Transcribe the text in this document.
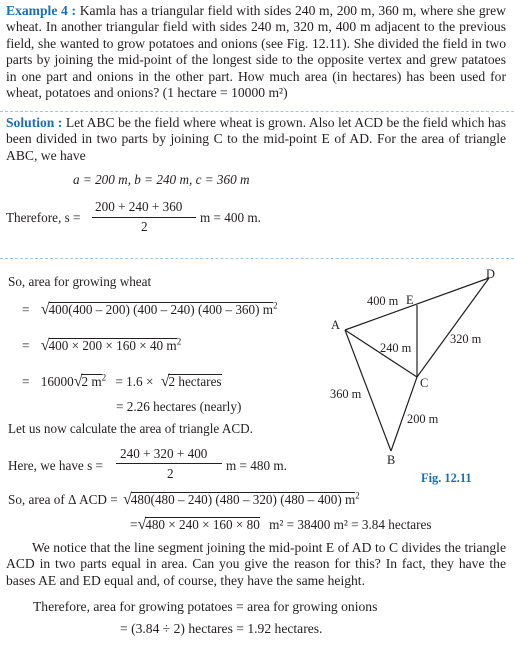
Example 4 : Kamla has a triangular field with sides 240 m, 200 m, 360 m, where she grew wheat. In another triangular field with sides 240 m, 320 m, 400 m adjacent to the previous field, she wanted to grow potatoes and onions (see Fig. 12.11). She divided the field in two parts by joining the mid-point of the longest side to the opposite vertex and grew patatoes in one part and onions in the other part. How much area (in hectares) has been used for wheat, potatoes and onions? (1 hectare = 10000 m²)
Solution : Let ABC be the field where wheat is grown. Also let ACD be the field which has been divided in two parts by joining C to the mid-point E of AD. For the area of triangle ABC, we have
a = 200 m, b = 240 m, c = 360 m
Therefore, s =
200 + 240 + 360
2
m = 400 m.
So, area for growing wheat
= √400(400 – 200) (400 – 240) (400 – 360) $m^2$
= √400 × 200 × 160 × 40 $m^2$
= 16000√2 $m^2 = 1.6 \times √2$ hectares
= 2.26 hectares (nearly)
Let us now calculate the area of triangle ACD.
Here, we have s =
240 + 320 + 400
2
m = 480 m.
So, area of Δ ACD = √480(480 – 240) (480 – 320) (480 – 400) $m^2$
=√480 × 240 × 160 × 80 m² = 38400 m² = 3.84 hectares
We notice that the line segment joining the mid-point E of AD to C divides the triangle ACD in two parts equal in area. Can you give the reason for this? In fact, they have the bases AE and ED equal and, of course, they have the same height.
Therefore, area for growing potatoes = area for growing onions
= (3.84 ÷ 2) hectares = 1.92 hectares.
A
B
C
D
E
400 m
240 m
320 m
360 m
200 m
Fig. 12.11
